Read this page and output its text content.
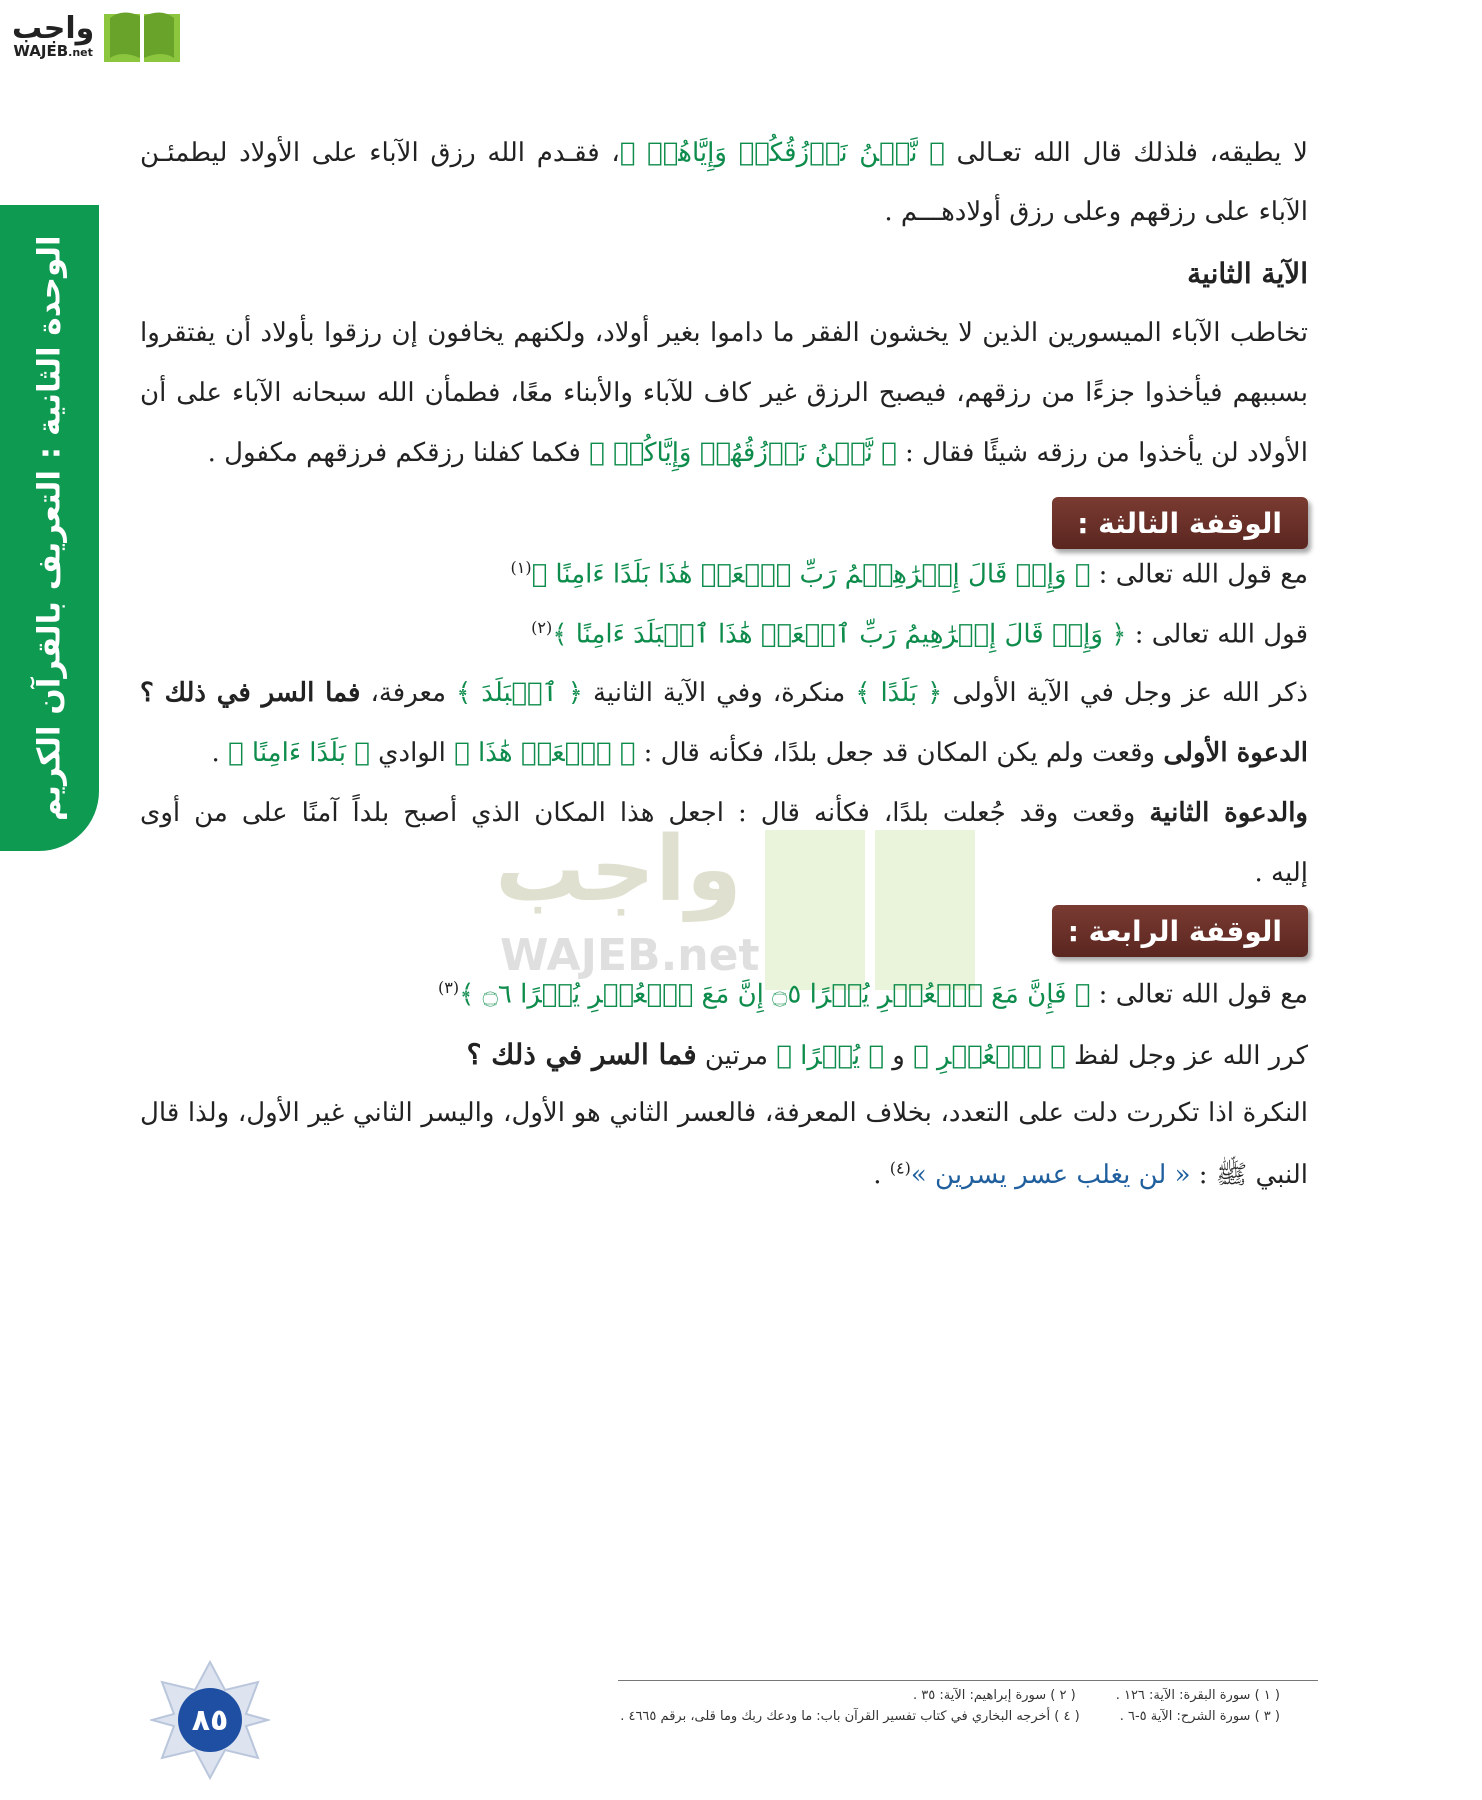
واجب
WAJEB.net
الوحدة الثانية : التعريف بالقرآن الكريم
واجب
WAJEB.net
لا يطيقه، فلذلك قال الله تعـالى ﴿ نَّحۡنُ نَرۡزُقُكُمۡ وَإِيَّاهُمۡ ﴾، فقـدم الله رزق الآباء على الأولاد ليطمئـن
الآباء على رزقهم وعلى رزق أولادهـــم .
الآية الثانية
تخاطب الآباء الميسورين الذين لا يخشون الفقر ما داموا بغير أولاد، ولكنهم يخافون إن رزقوا بأولاد أن يفتقروا
بسببهم فيأخذوا جزءًا من رزقهم، فيصبح الرزق غير كاف للآباء والأبناء معًا، فطمأن الله سبحانه الآباء على أن
الأولاد لن يأخذوا من رزقه شيئًا فقال : ﴿ نَّحۡنُ نَرۡزُقُهُمۡ وَإِيَّاكُمۡ ﴾ فكما كفلنا رزقكم فرزقهم مكفول .
الوقفة الثالثة :
مع قول الله تعالى : ﴿ وَإِذۡ قَالَ إِبۡرَٰهِـۧمُ رَبِّ ٱجۡعَلۡ هَٰذَا بَلَدًا ءَامِنًا ﴾$^{(١)}$
قول الله تعالى : ﴿ وَإِذۡ قَالَ إِبۡرَٰهِيمُ رَبِّ ٱجۡعَلۡ هَٰذَا ٱلۡبَلَدَ ءَامِنًا ﴾$^{(٢)}$
ذكر الله عز وجل في الآية الأولى ﴿ بَلَدًا ﴾ منكرة، وفي الآية الثانية ﴿ ٱلۡبَلَدَ ﴾ معرفة، فما السر في ذلك ؟
الدعوة الأولى وقعت ولم يكن المكان قد جعل بلدًا، فكأنه قال : ﴿ ٱجۡعَلۡ هَٰذَا ﴾ الوادي ﴿ بَلَدًا ءَامِنًا ﴾ .
والدعوة الثانية وقعت وقد جُعلت بلدًا، فكأنه قال : اجعل هذا المكان الذي أصبح بلداً آمنًا على من أوى
إليه .
الوقفة الرابعة :
مع قول الله تعالى : ﴿ فَإِنَّ مَعَ ٱلۡعُسۡرِ يُسۡرًا ۝٥ إِنَّ مَعَ ٱلۡعُسۡرِ يُسۡرًا ۝٦ ﴾$^{(٣)}$
كرر الله عز وجل لفظ ﴿ ٱلۡعُسۡرِ ﴾ و ﴿ يُسۡرًا ﴾ مرتين فما السر في ذلك ؟
النكرة اذا تكررت دلت على التعدد، بخلاف المعرفة، فالعسر الثاني هو الأول، واليسر الثاني غير الأول، ولذا قال
النبي ﷺ : « لن يغلب عسر يسرين »$^{(٤)}$ .
( ١ ) سورة البقرة: الآية: ١٢٦ .
( ٢ ) سورة إبراهيم: الآية: ٣٥ .
( ٣ ) سورة الشرح: الآية ٥-٦ .
( ٤ ) أخرجه البخاري في كتاب تفسير القرآن باب: ما ودعك ربك وما قلى، برقم ٤٦٦٥ .
٨٥
